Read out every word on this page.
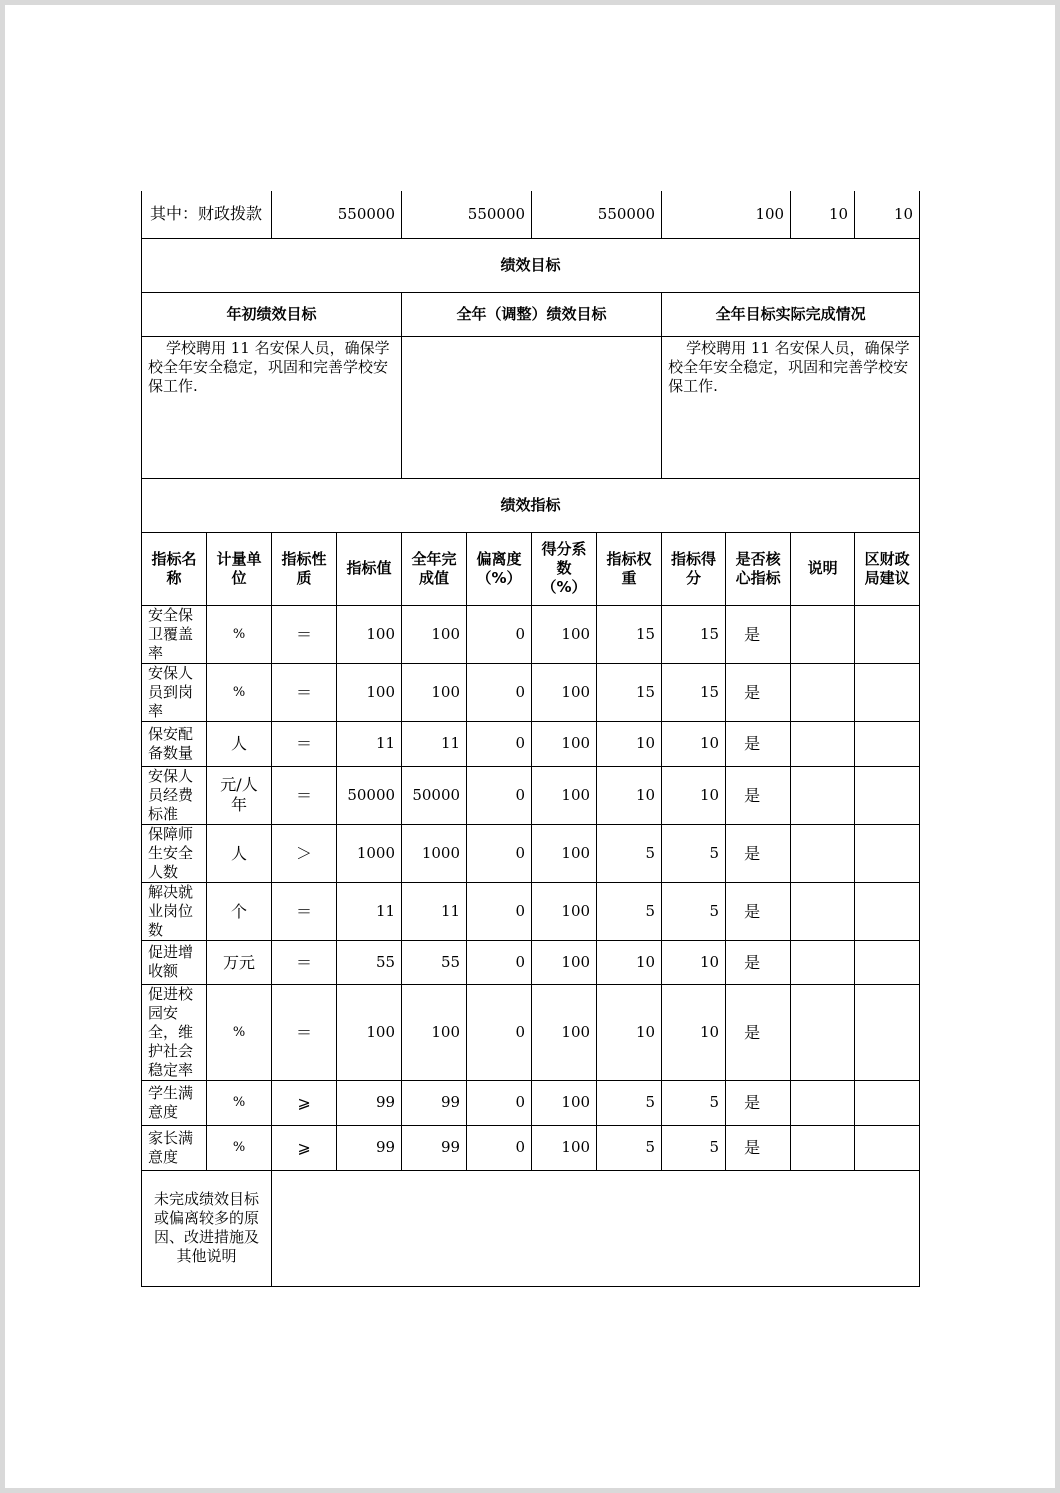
其中：财政拨款		550000		550000		550000		100		10	10
绩效目标											
年初绩效目标				全年（调整）绩效目标				全年目标实际完成情况			
学校聘用 11 名安保人员，确保学校全年安全稳定，巩固和完善学校安保工作.								学校聘用 11 名安保人员，确保学校全年安全稳定，巩固和完善学校安保工作.			
绩效指标											
指标名称	计量单位	指标性质	指标值	全年完成值	偏离度（%）	得分系数（%）	指标权重	指标得分	是否核心指标	说明	区财政局建议
安全保卫覆盖率	%	＝	100	100	0	100	15	15	是		
安保人员到岗率	%	＝	100	100	0	100	15	15	是		
保安配备数量	人	＝	11	11	0	100	10	10	是		
安保人员经费标准	元/人年	＝	50000	50000	0	100	10	10	是		
保障师生安全人数	人	＞	1000	1000	0	100	5	5	是		
解决就业岗位数	个	＝	11	11	0	100	5	5	是		
促进增收额	万元	＝	55	55	0	100	10	10	是		
促进校园安全，维护社会稳定率	%	＝	100	100	0	100	10	10	是		
学生满意度	%	⩾	99	99	0	100	5	5	是		
家长满意度	%	⩾	99	99	0	100	5	5	是		
未完成绩效目标或偏离较多的原因、改进措施及其他说明											
